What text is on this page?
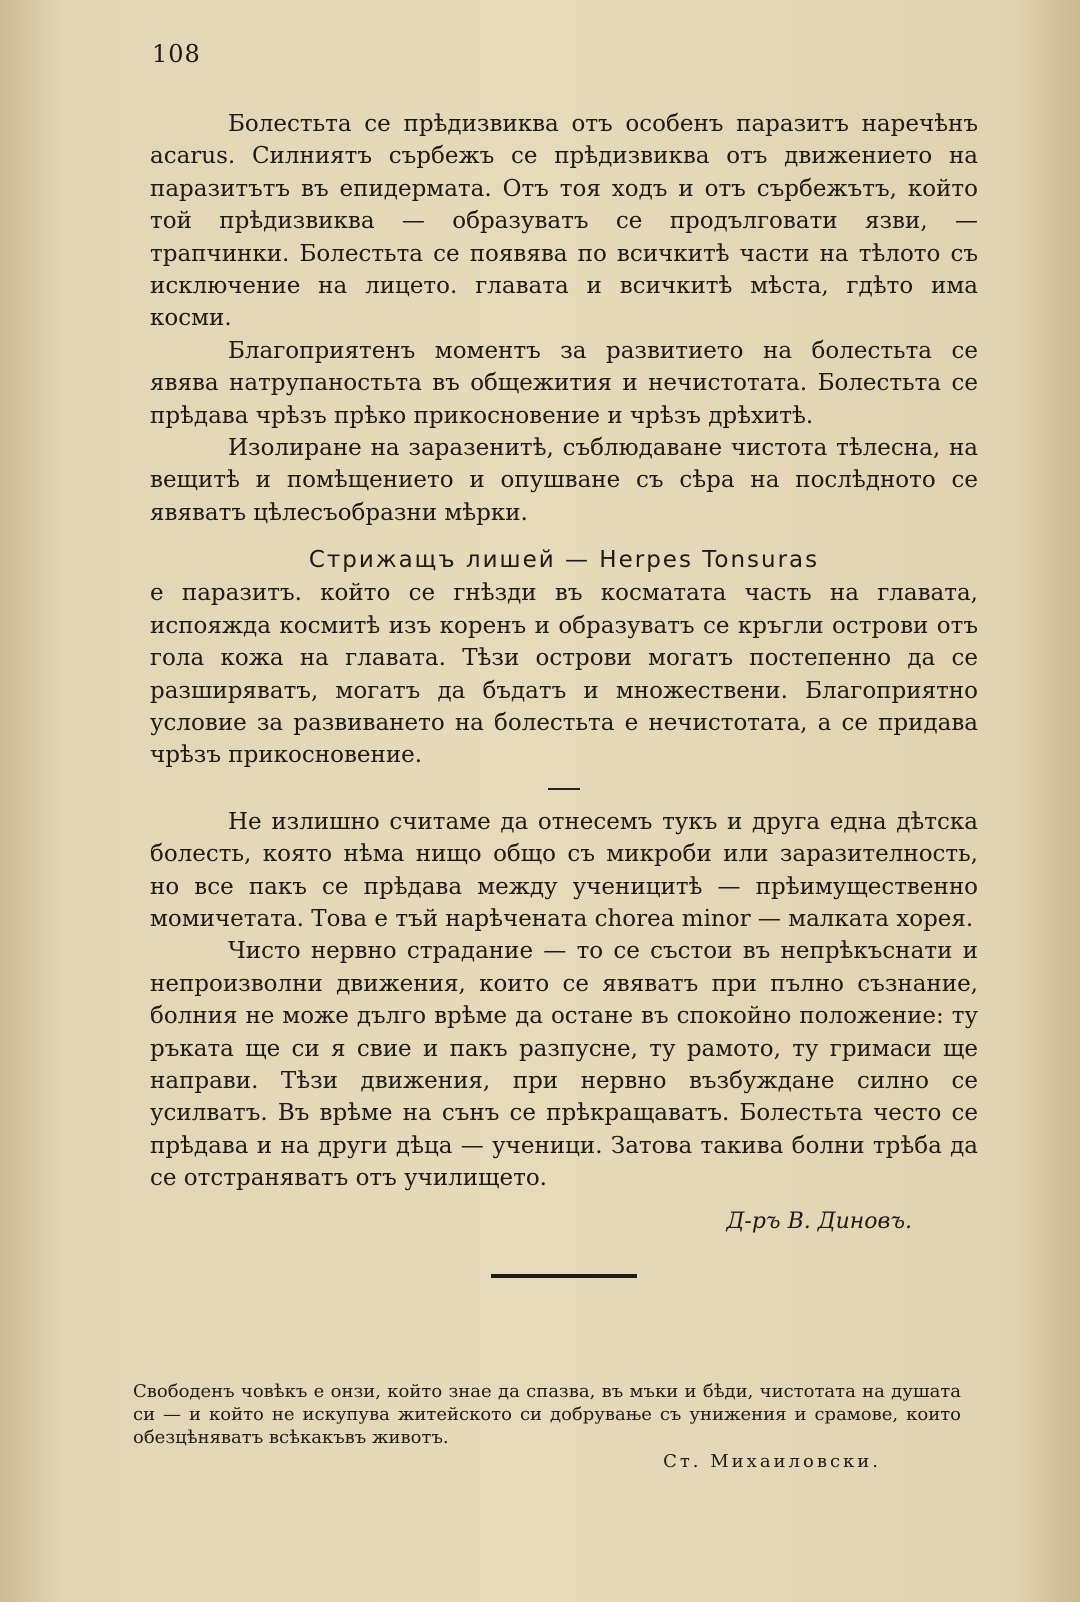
108

Болестьта се прѣдизвиква отъ особенъ паразитъ наречѣнъ acarus. Силниятъ сърбежъ се прѣдизвиква отъ движението на паразитътъ въ епидермата. Отъ тоя ходъ и отъ сърбежътъ, който той прѣдизвиква — образуватъ се продълговати язви, — трапчинки. Болестьта се появява по всичкитѣ части на тѣлото съ исключение на лицето. главата и всичкитѣ мѣста, гдѣто има косми.

Благоприятенъ моментъ за развитието на болестьта се явява натрупаностьта въ общежития и нечистотата. Болестьта се прѣдава чрѣзъ прѣко прикосновение и чрѣзъ дрѣхитѣ.

Изолиране на заразенитѣ, съблюдаване чистота тѣлесна, на вещитѣ и помѣщението и опушване съ сѣра на послѣдното се явяватъ цѣлесъобразни мѣрки.

Стрижащъ лишей — Herpes Tonsuras

е паразитъ. който се гнѣзди въ косматата часть на главата, испояжда космитѣ изъ коренъ и образуватъ се кръгли острови отъ гола кожа на главата. Тѣзи острови могатъ постепенно да се разширяватъ, могатъ да бъдатъ и множествени. Благоприятно условие за развиването на болестьта е нечистотата, а се придава чрѣзъ прикосновение.

Не излишно считаме да отнесемъ тукъ и друга една дѣтска болесть, която нѣма нищо общо съ микроби или заразителность, но все пакъ се прѣдава между ученицитѣ — прѣимущественно момичетата. Това е тъй нарѣчената chorea minor — малката хорея.

Чисто нервно страдание — то се състои въ непрѣкъснати и непроизволни движения, които се явяватъ при пълно съзнание, болния не може дълго врѣме да остане въ спокойно положение: ту ръката ще си я свие и пакъ разпусне, ту рамото, ту гримаси ще направи. Тѣзи движения, при нервно възбуждане силно се усилватъ. Въ врѣме на сънъ се прѣкращаватъ. Болестьта често се прѣдава и на други дѣца — ученици. Затова такива болни трѣба да се отстраняватъ отъ училището.

Д-ръ В. Диновъ.
Свободенъ човѣкъ е онзи, който знае да спазва, въ мъки и бѣди, чистотата на душата си — и който не искупува житейското си добрување съ унижения и срамове, които обезцѣняватъ всѣкакъвъ животъ.
Ст. Михаиловски.
